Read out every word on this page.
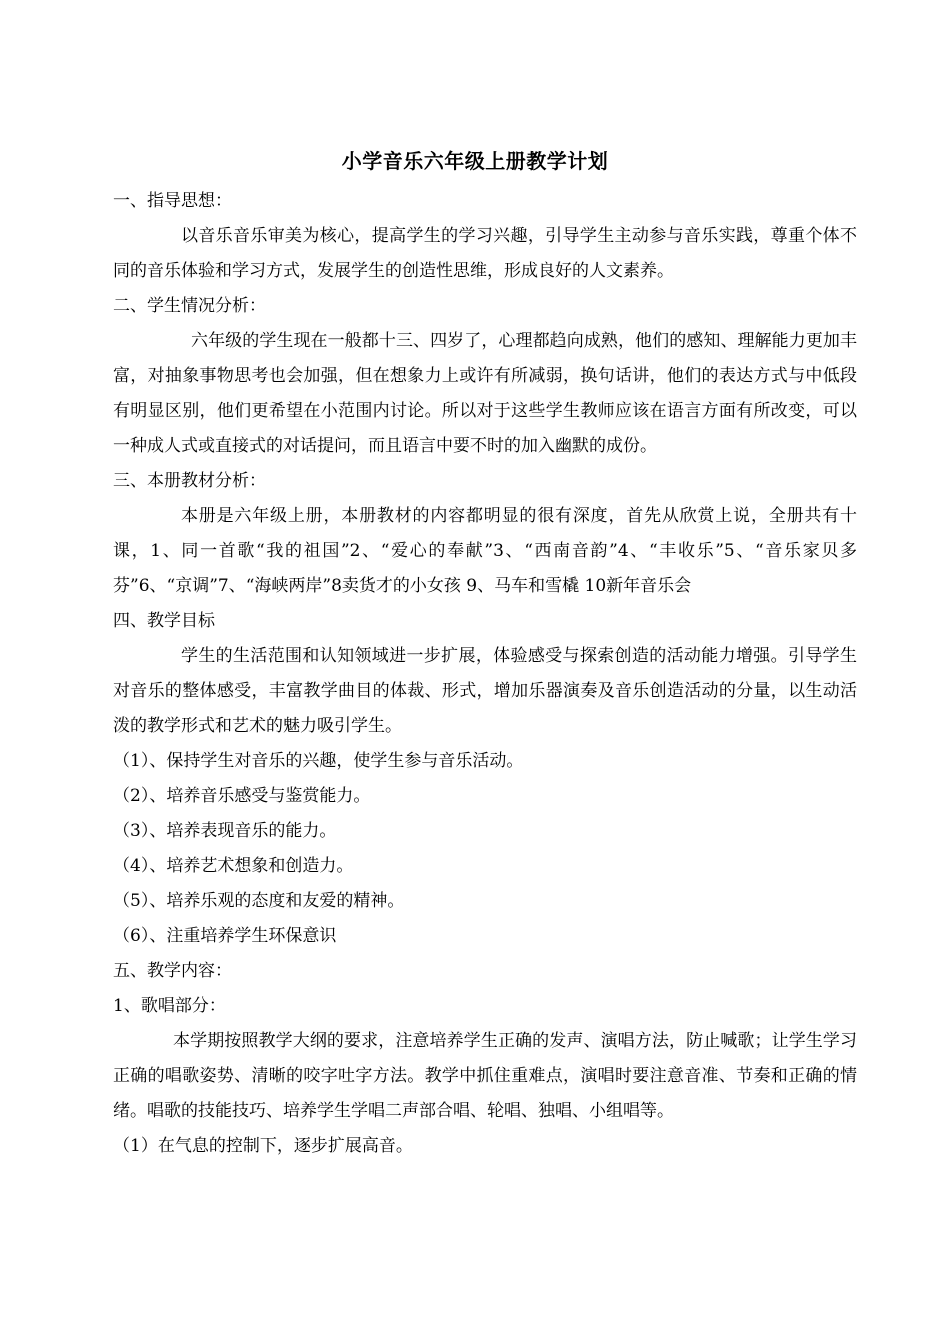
小学音乐六年级上册教学计划
一、指导思想：
以音乐音乐审美为核心，提高学生的学习兴趣，引导学生主动参与音乐实践，尊重个体不同的音乐体验和学习方式，发展学生的创造性思维，形成良好的人文素养。
二、学生情况分析：
六年级的学生现在一般都十三、四岁了，心理都趋向成熟，他们的感知、理解能力更加丰富，对抽象事物思考也会加强，但在想象力上或许有所减弱，换句话讲，他们的表达方式与中低段有明显区别，他们更希望在小范围内讨论。所以对于这些学生教师应该在语言方面有所改变，可以一种成人式或直接式的对话提问，而且语言中要不时的加入幽默的成份。
三、本册教材分析：
本册是六年级上册，本册教材的内容都明显的很有深度，首先从欣赏上说，全册共有十课，1、同一首歌“我的祖国”2、“爱心的奉献”3、“西南音韵”4、“丰收乐”5、“音乐家贝多芬”6、“京调”7、“海峡两岸”8卖货才的小女孩 9、马车和雪橇 10新年音乐会
四、教学目标
学生的生活范围和认知领域进一步扩展，体验感受与探索创造的活动能力增强。引导学生对音乐的整体感受，丰富教学曲目的体裁、形式，增加乐器演奏及音乐创造活动的分量，以生动活泼的教学形式和艺术的魅力吸引学生。
（1）、保持学生对音乐的兴趣，使学生参与音乐活动。
（2）、培养音乐感受与鉴赏能力。
（3）、培养表现音乐的能力。
（4）、培养艺术想象和创造力。
（5）、培养乐观的态度和友爱的精神。
（6）、注重培养学生环保意识
五、教学内容：
1、歌唱部分：
本学期按照教学大纲的要求，注意培养学生正确的发声、演唱方法，防止喊歌；让学生学习正确的唱歌姿势、清晰的咬字吐字方法。教学中抓住重难点，演唱时要注意音准、节奏和正确的情绪。唱歌的技能技巧、培养学生学唱二声部合唱、轮唱、独唱、小组唱等。
（1）在气息的控制下，逐步扩展高音。
